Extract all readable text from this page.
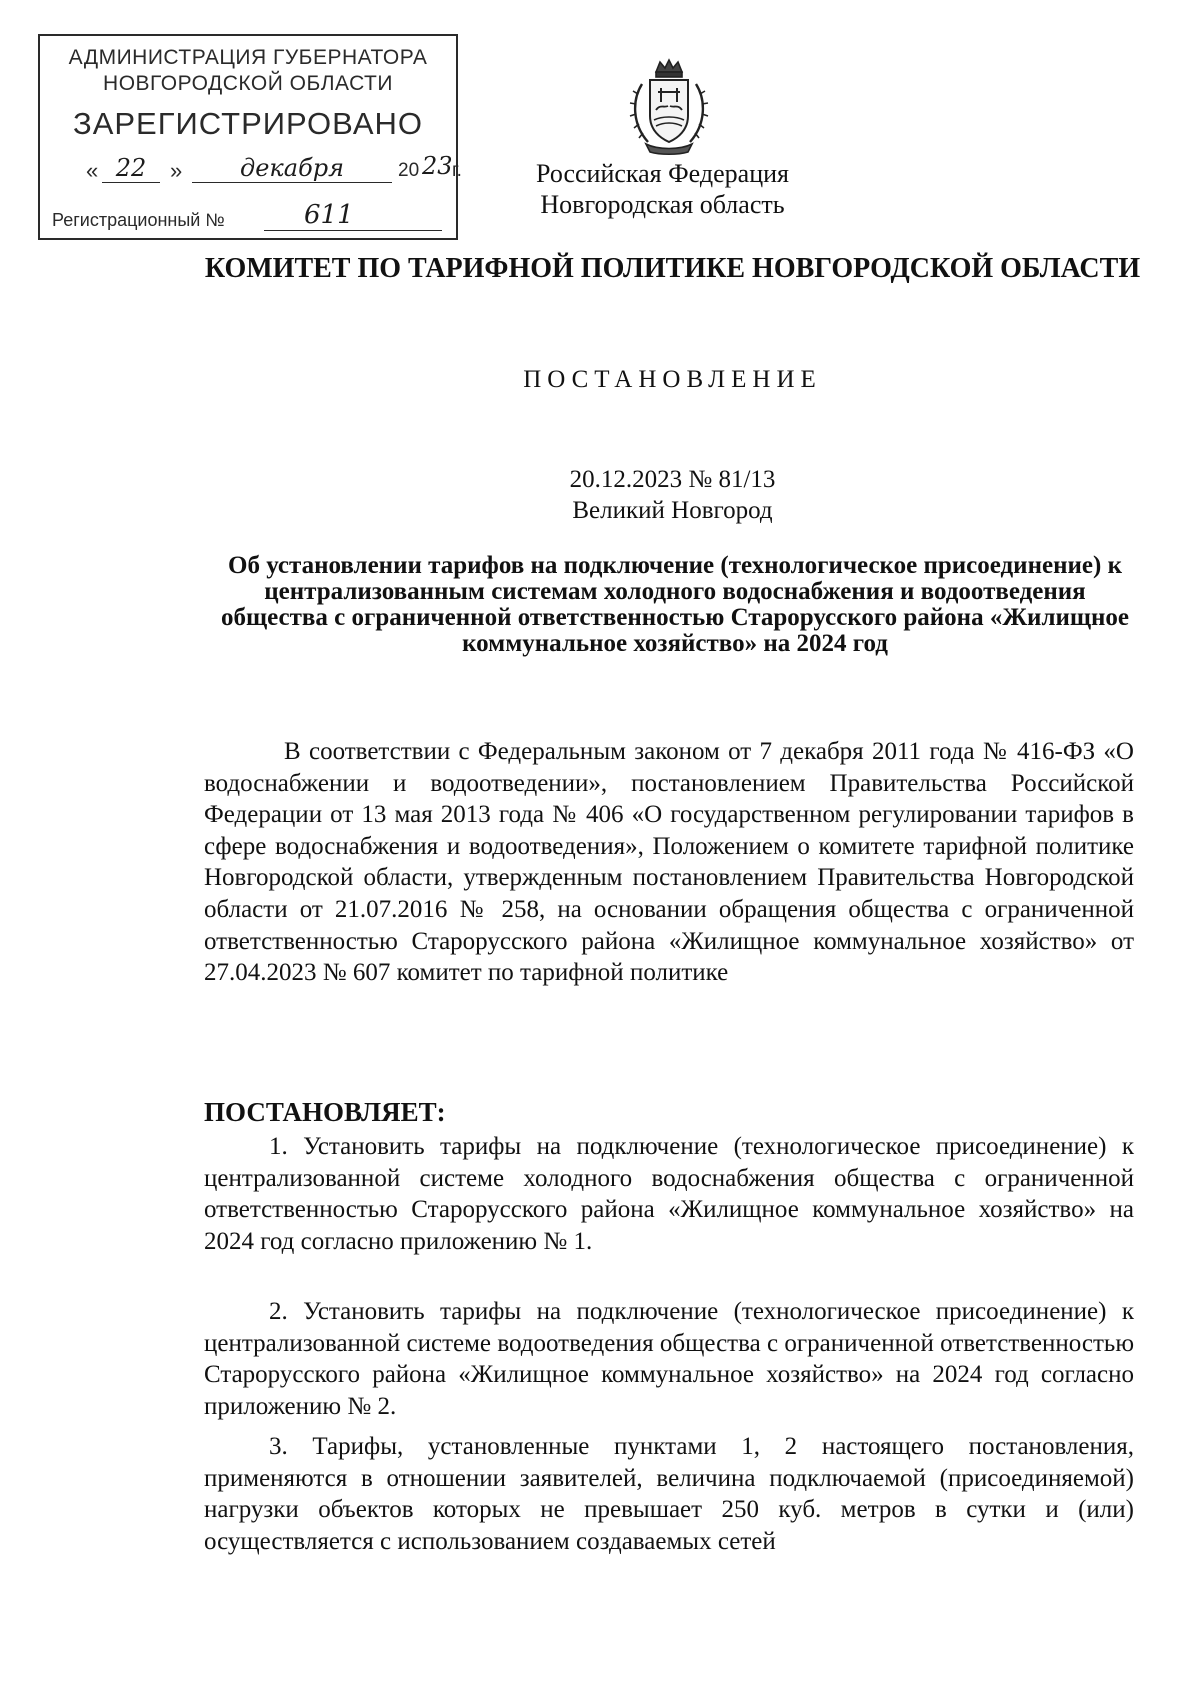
АДМИНИСТРАЦИЯ ГУБЕРНАТОРА
НОВГОРОДСКОЙ ОБЛАСТИ
ЗАРЕГИСТРИРОВАНО
« 22	»	декабря	20 23 г.
Регистрационный №	611
Российская Федерация
Новгородская область
КОМИТЕТ ПО ТАРИФНОЙ ПОЛИТИКЕ НОВГОРОДСКОЙ ОБЛАСТИ
ПОСТАНОВЛЕНИЕ
20.12.2023 № 81/13
Великий Новгород
Об установлении тарифов на подключение (технологическое присоединение) к централизованным системам холодного водоснабжения и водоотведения общества с ограниченной ответственностью Старорусского района «Жилищное коммунальное хозяйство» на 2024 год
В соответствии с Федеральным законом от 7 декабря 2011 года № 416-ФЗ «О водоснабжении и водоотведении», постановлением Правительства Российской Федерации от 13 мая 2013 года № 406 «О государственном регулировании тарифов в сфере водоснабжения и водоотведения», Положением о комитете тарифной политике Новгородской области, утвержденным постановлением Правительства Новгородской области от 21.07.2016 № 258, на основании обращения общества с ограниченной ответственностью Старорусского района «Жилищное коммунальное хозяйство» от 27.04.2023 № 607 комитет по тарифной политике
ПОСТАНОВЛЯЕТ:
1. Установить тарифы на подключение (технологическое присоединение) к централизованной системе холодного водоснабжения общества с ограниченной ответственностью Старорусского района «Жилищное коммунальное хозяйство» на 2024 год согласно приложению № 1.
2. Установить тарифы на подключение (технологическое присоединение) к централизованной системе водоотведения общества с ограниченной ответственностью Старорусского района «Жилищное коммунальное хозяйство» на 2024 год согласно приложению № 2.
3. Тарифы, установленные пунктами 1, 2 настоящего постановления, применяются в отношении заявителей, величина подключаемой (присоединяемой) нагрузки объектов которых не превышает 250 куб. метров в сутки и (или) осуществляется с использованием создаваемых сетей
